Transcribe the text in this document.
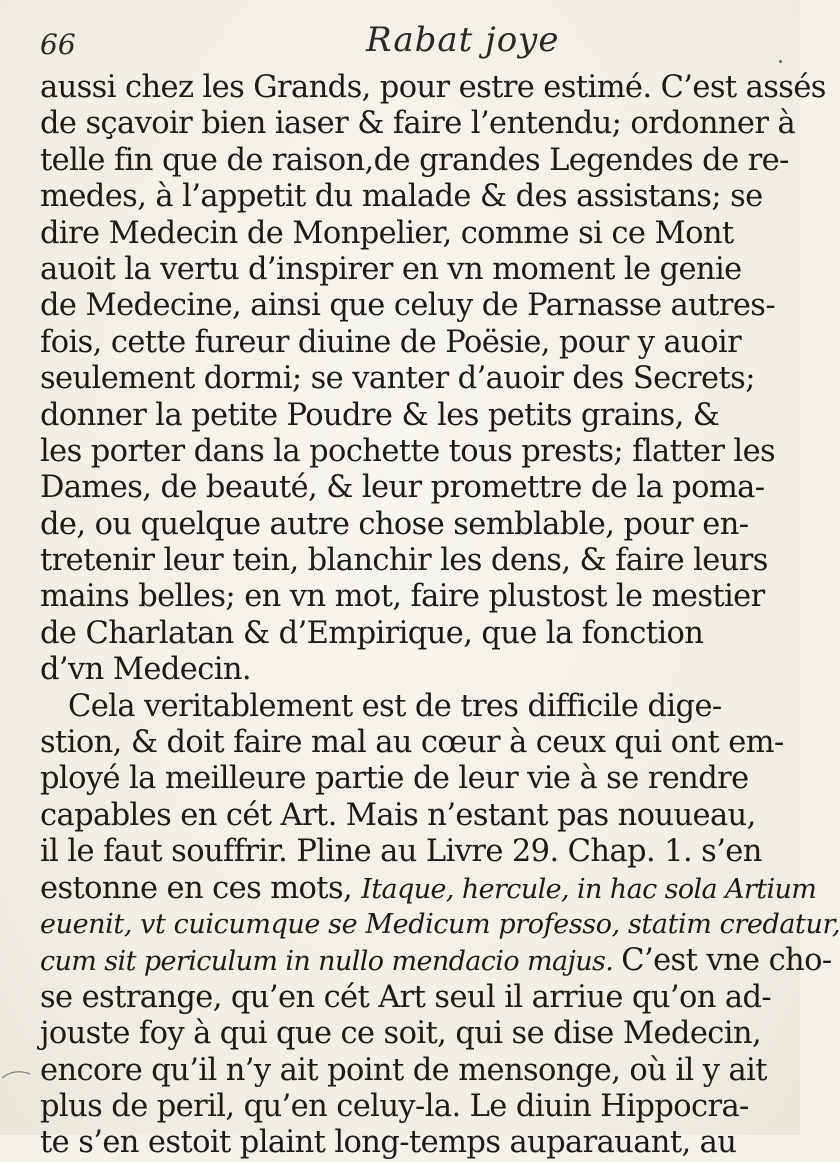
66	Rabat joye
aussi chez les Grands, pour estre estimé. C’est assés
de sçavoir bien iaser & faire l’entendu; ordonner à
telle fin que de raison,de grandes Legendes de re-
medes, à l’appetit du malade & des assistans; se
dire Medecin de Monpelier, comme si ce Mont
auoit la vertu d’inspirer en vn moment le genie
de Medecine, ainsi que celuy de Parnasse autres-
fois, cette fureur diuine de Poësie, pour y auoir
seulement dormi; se vanter d’auoir des Secrets;
donner la petite Poudre & les petits grains, &
les porter dans la pochette tous prests; flatter les
Dames, de beauté, & leur promettre de la poma-
de, ou quelque autre chose semblable, pour en-
tretenir leur tein, blanchir les dens, & faire leurs
mains belles; en vn mot, faire plustost le mestier
de Charlatan & d’Empirique, que la fonction
d’vn Medecin.
Cela veritablement est de tres difficile dige-
stion, & doit faire mal au cœur à ceux qui ont em-
ployé la meilleure partie de leur vie à se rendre
capables en cét Art. Mais n’estant pas nouueau,
il le faut souffrir. Pline au Livre 29. Chap. 1. s’en
estonne en ces mots, Itaque, hercule, in hac sola Artium
euenit, vt cuicumque se Medicum professo, statim credatur,
cum sit periculum in nullo mendacio majus. C’est vne cho-
se estrange, qu’en cét Art seul il arriue qu’on ad-
jouste foy à qui que ce soit, qui se dise Medecin,
encore qu’il n’y ait point de mensonge, où il y ait
plus de peril, qu’en celuy-la. Le diuin Hippocra-
te s’en estoit plaint long-temps auparauant, au
